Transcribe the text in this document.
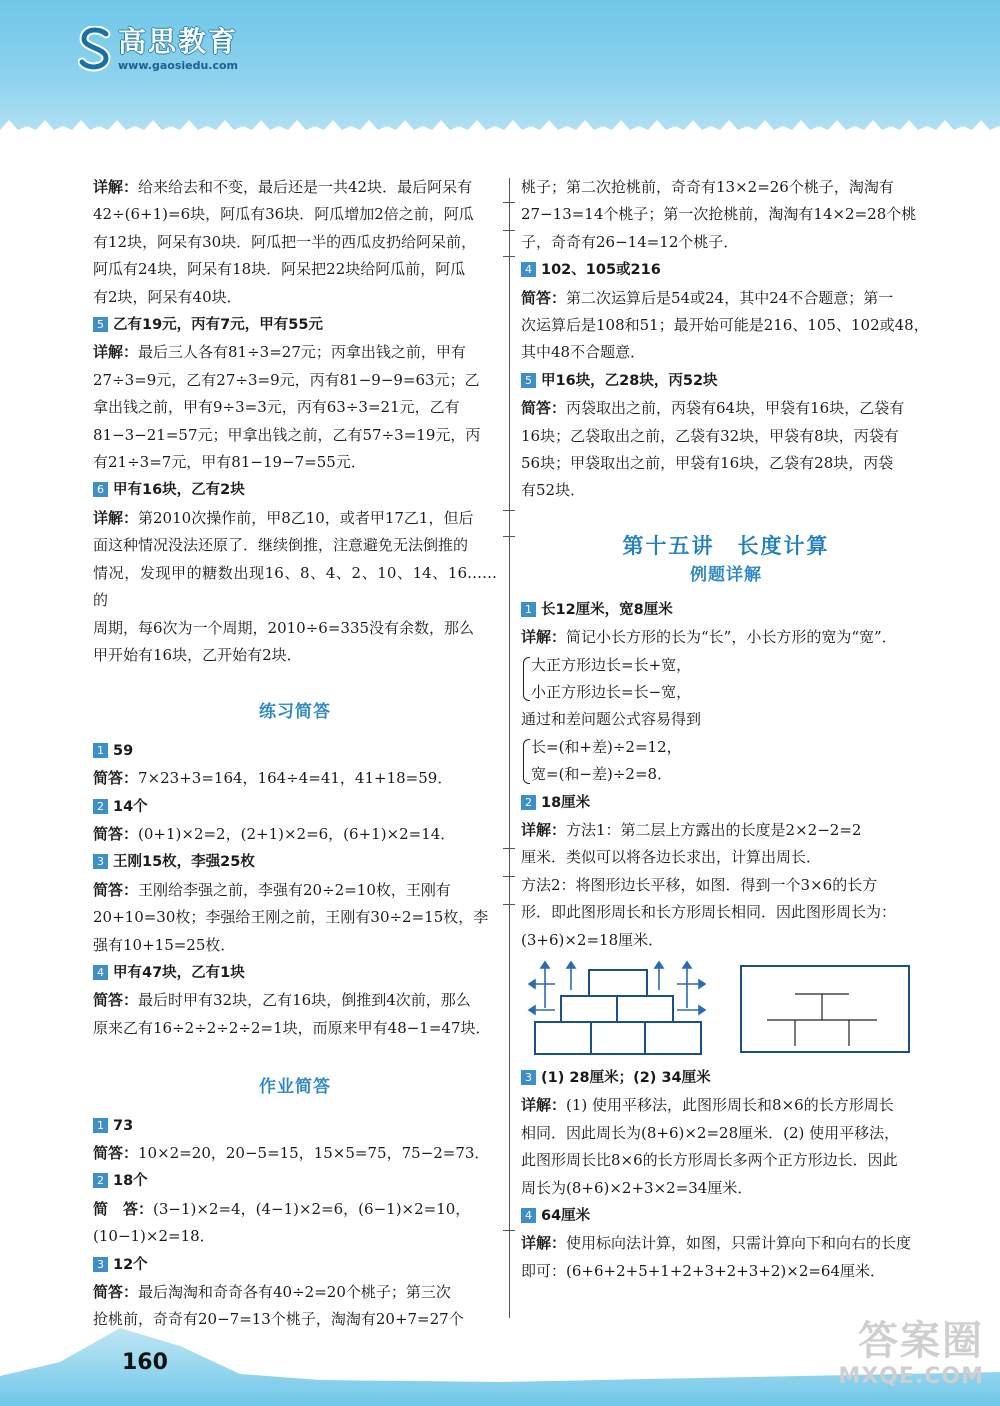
高思教育
www.gaosiedu.com
详解：给来给去和不变，最后还是一共42块．最后阿呆有
42÷(6+1)=6块，阿瓜有36块．阿瓜增加2倍之前，阿瓜
有12块，阿呆有30块．阿瓜把一半的西瓜皮扔给阿呆前，
阿瓜有24块，阿呆有18块．阿呆把22块给阿瓜前，阿瓜
有2块，阿呆有40块．
5 乙有19元，丙有7元，甲有55元
详解：最后三人各有81÷3=27元；丙拿出钱之前，甲有
27÷3=9元，乙有27÷3=9元，丙有81−9−9=63元；乙
拿出钱之前，甲有9÷3=3元，丙有63÷3=21元，乙有
81−3−21=57元；甲拿出钱之前，乙有57÷3=19元，丙
有21÷3=7元，甲有81−19−7=55元．
6 甲有16块，乙有2块
详解：第2010次操作前，甲8乙10，或者甲17乙1，但后
面这种情况没法还原了．继续倒推，注意避免无法倒推的
情况，发现甲的糖数出现16、8、4、2、10、14、16……的
周期，每6次为一个周期，2010÷6=335没有余数，那么
甲开始有16块，乙开始有2块．
练习简答
1 59
简答：7×23+3=164，164÷4=41，41+18=59．
2 14个
简答：(0+1)×2=2，(2+1)×2=6，(6+1)×2=14．
3 王刚15枚，李强25枚
简答：王刚给李强之前，李强有20÷2=10枚，王刚有
20+10=30枚；李强给王刚之前，王刚有30÷2=15枚，李
强有10+15=25枚．
4 甲有47块，乙有1块
简答：最后时甲有32块，乙有16块，倒推到4次前，那么
原来乙有16÷2÷2÷2÷2=1块，而原来甲有48−1=47块．
作业简答
1 73
简答：10×2=20，20−5=15，15×5=75，75−2=73．
2 18个
简　答：(3−1)×2=4，(4−1)×2=6，(6−1)×2=10，
(10−1)×2=18．
3 12个
简答：最后淘淘和奇奇各有40÷2=20个桃子；第三次
抢桃前，奇奇有20−7=13个桃子，淘淘有20+7=27个
桃子；第二次抢桃前，奇奇有13×2=26个桃子，淘淘有
27−13=14个桃子；第一次抢桃前，淘淘有14×2=28个桃
子，奇奇有26−14=12个桃子．
4 102、105或216
简答：第二次运算后是54或24，其中24不合题意；第一
次运算后是108和51；最开始可能是216、105、102或48，
其中48不合题意．
5 甲16块，乙28块，丙52块
简答：丙袋取出之前，丙袋有64块，甲袋有16块，乙袋有
16块；乙袋取出之前，乙袋有32块，甲袋有8块，丙袋有
56块；甲袋取出之前，甲袋有16块，乙袋有28块，丙袋
有52块．
第十五讲　长度计算
例题详解
1 长12厘米，宽8厘米
详解：简记小长方形的长为“长”，小长方形的宽为“宽”．
大正方形边长=长+宽，
小正方形边长=长−宽，
通过和差问题公式容易得到
长=(和+差)÷2=12，
宽=(和−差)÷2=8．
2 18厘米
详解：方法1：第二层上方露出的长度是2×2−2=2
厘米．类似可以将各边长求出，计算出周长．
方法2：将图形边长平移，如图．得到一个3×6的长方
形．即此图形周长和长方形周长相同．因此图形周长为：
(3+6)×2=18厘米．
3 (1) 28厘米；(2) 34厘米
详解：(1) 使用平移法，此图形周长和8×6的长方形周长
相同．因此周长为(8+6)×2=28厘米．(2) 使用平移法，
此图形周长比8×6的长方形周长多两个正方形边长．因此
周长为(8+6)×2+3×2=34厘米．
4 64厘米
详解：使用标向法计算，如图，只需计算向下和向右的长度
即可：(6+6+2+5+1+2+3+2+3+2)×2=64厘米．
160	答案圈
MXQE.COM
